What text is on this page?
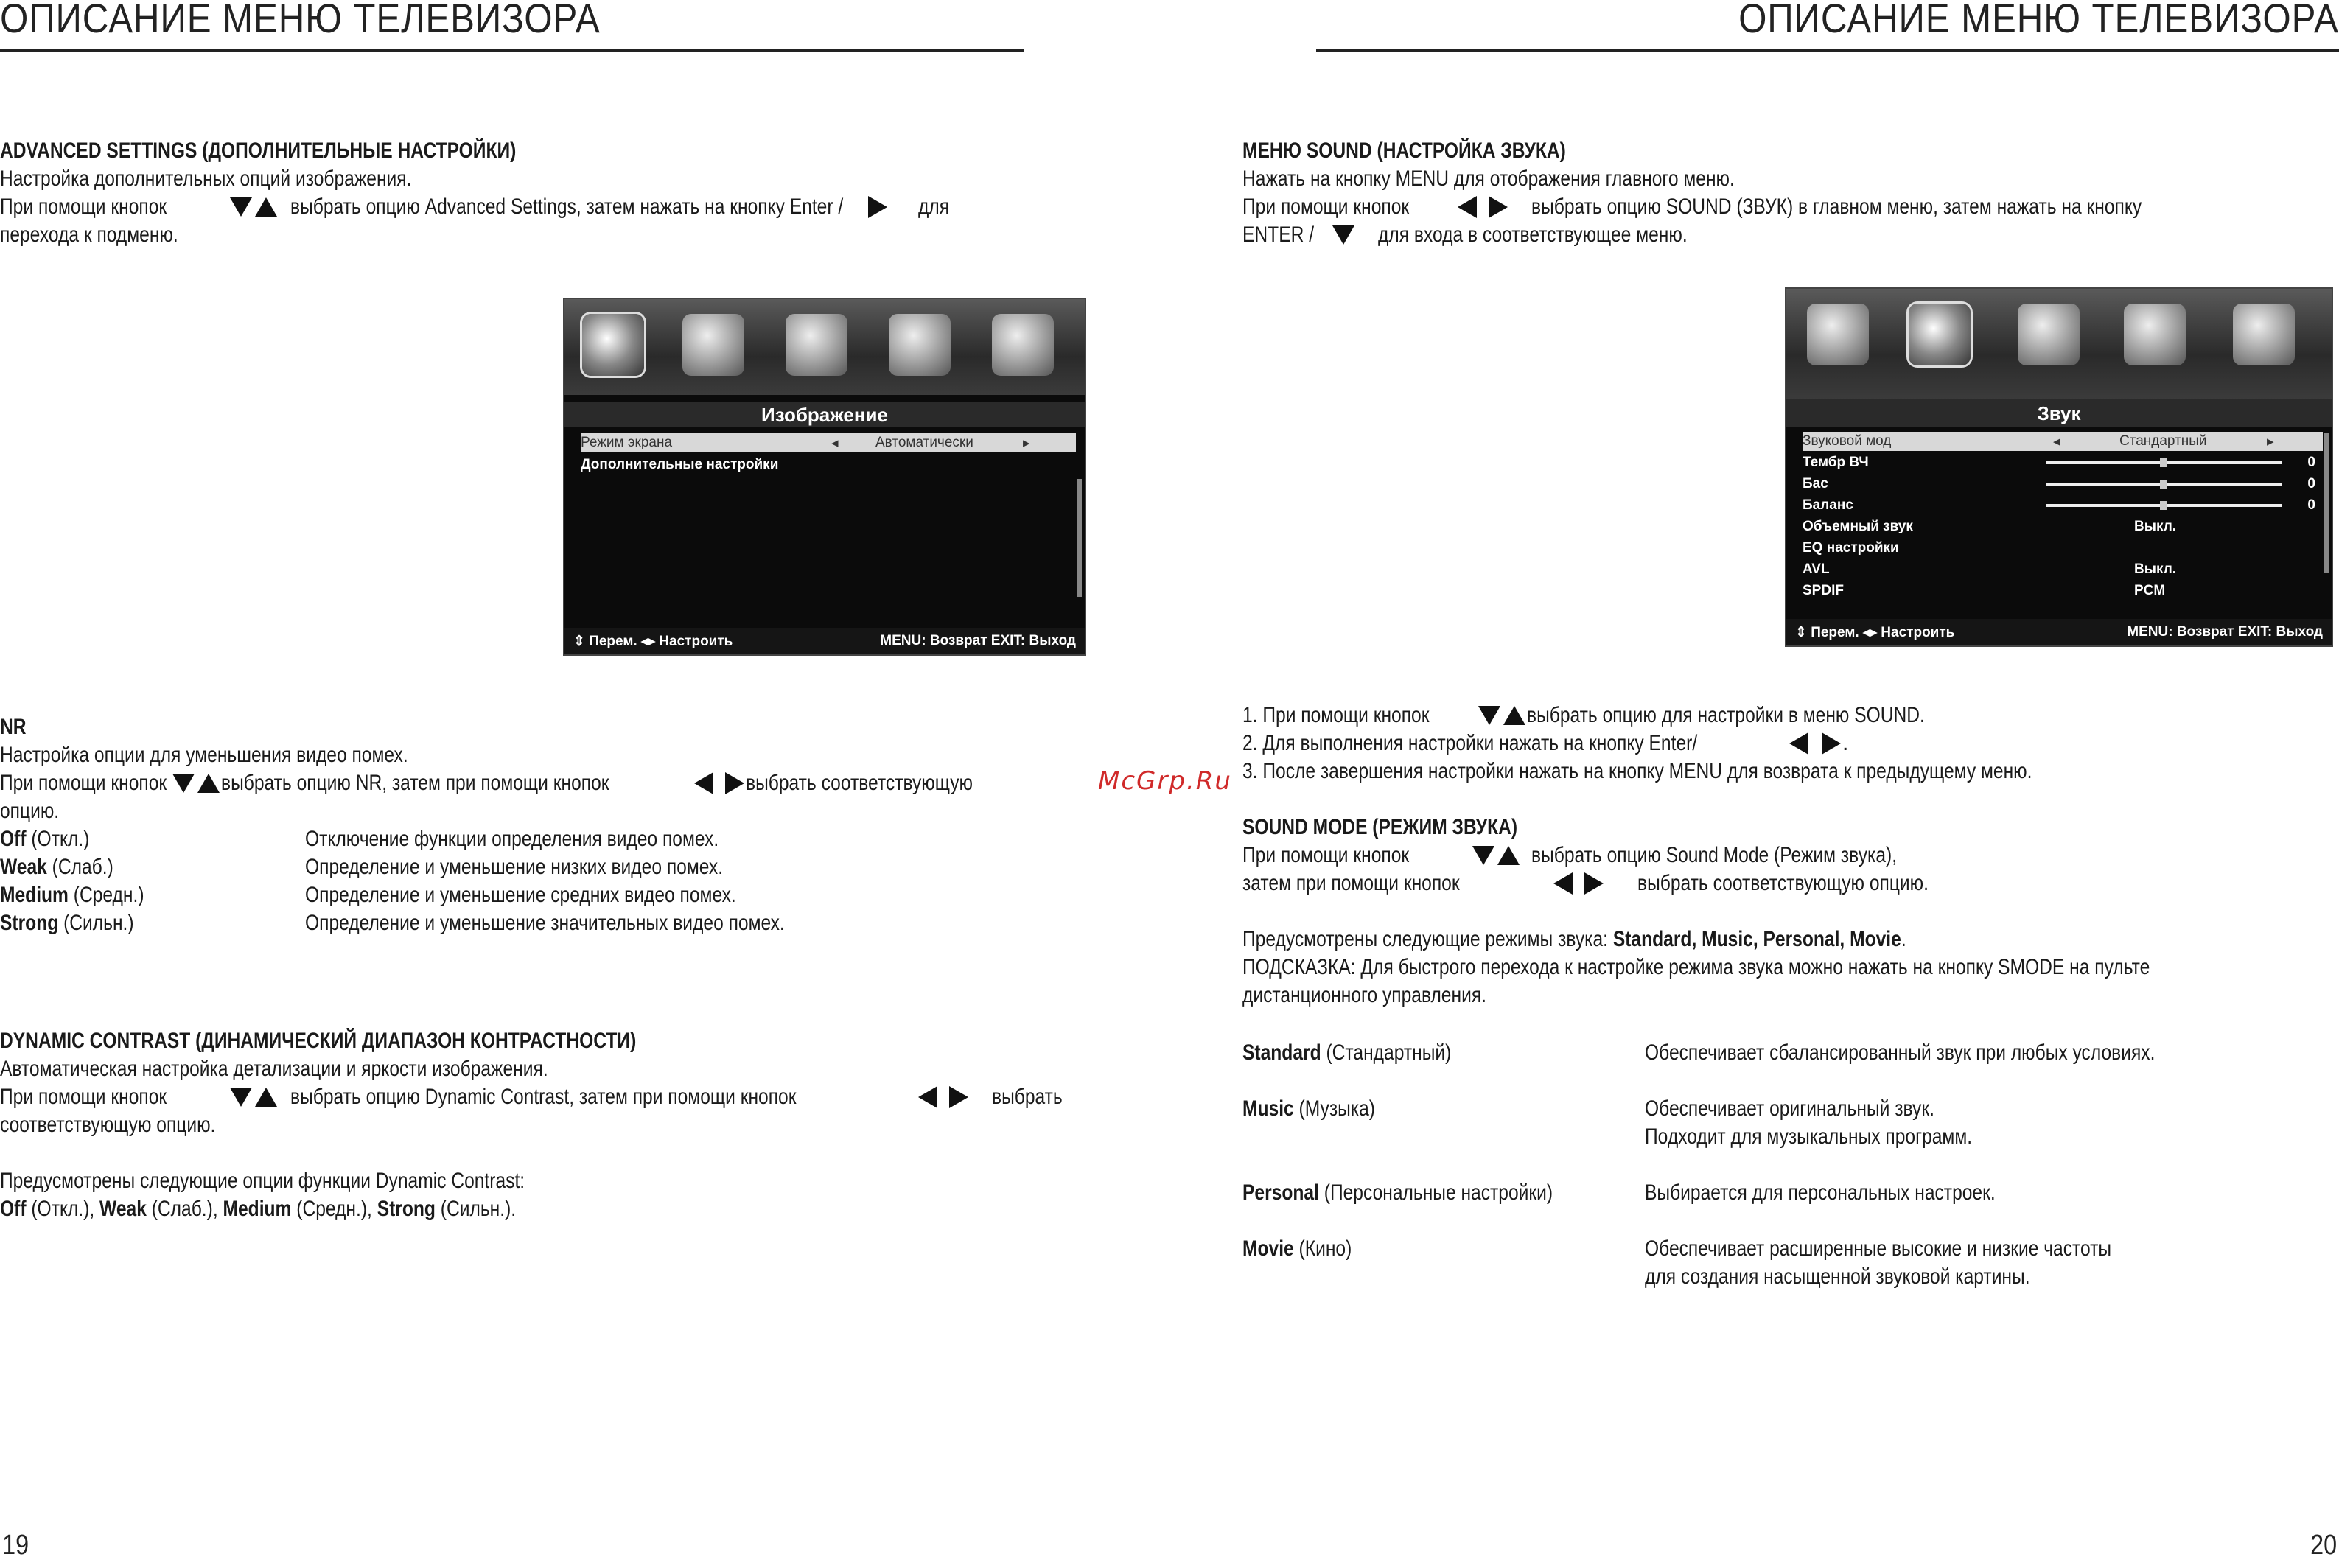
ОПИСАНИЕ МЕНЮ ТЕЛЕВИЗОРА
ADVANCED SETTINGS (ДОПОЛНИТЕЛЬНЫЕ НАСТРОЙКИ)
Настройка дополнительных опций изображения.
При помощи кнопок	выбрать опцию Advanced Settings, затем нажать на кнопку Enter /	для
перехода к подменю.
Изображение
Режим экрана	◂	Автоматически	▸
Дополнительные настройки
⇕ Перем. ◂▸ Настроить	MENU: Возврат EXIT: Выход
NR
Настройка опции для уменьшения видео помех.
При помощи кнопок выбрать опцию NR, затем при помощи кнопок	выбрать соответствующую
опцию.
Off (Откл.)	Отключение функции определения видео помех.
Weak (Слаб.)	Определение и уменьшение низких видео помех.
Medium (Средн.)	Определение и уменьшение средних видео помех.
Strong (Сильн.)	Определение и уменьшение значительных видео помех.
DYNAMIC CONTRAST (ДИНАМИЧЕСКИЙ ДИАПАЗОН КОНТРАСТНОСТИ)
Автоматическая настройка детализации и яркости изображения.
При помощи кнопок	выбрать опцию Dynamic Contrast, затем при помощи кнопок	выбрать
соответствующую опцию.
Предусмотрены следующие опции функции Dynamic Contrast:
Off (Откл.), Weak (Слаб.), Medium (Средн.), Strong (Сильн.).
19
McGrp.Ru
ОПИСАНИЕ МЕНЮ ТЕЛЕВИЗОРА
МЕНЮ SOUND (НАСТРОЙКА ЗВУКА)
Нажать на кнопку MENU для отображения главного меню.
При помощи кнопок	выбрать опцию SOUND (ЗВУК) в главном меню, затем нажать на кнопку
ENTER /	для входа в соответствующее меню.
Звук
Звуковой мод	◂	Стандартный	▸
Тембр ВЧ	0
Бас	0
Баланс	0
Объемный звук	Выкл.
EQ настройки
AVL	Выкл.
SPDIF	PCM
⇕ Перем. ◂▸ Настроить	MENU: Возврат EXIT: Выход
1. При помощи кнопок	выбрать опцию для настройки в меню SOUND.
2. Для выполнения настройки нажать на кнопку Enter/	.
3. После завершения настройки нажать на кнопку MENU для возврата к предыдущему меню.
SOUND MODE (РЕЖИМ ЗВУКА)
При помощи кнопок	выбрать опцию Sound Mode (Режим звука),
затем при помощи кнопок	выбрать соответствующую опцию.
Предусмотрены следующие режимы звука: Standard, Music, Personal, Movie.
ПОДСКАЗКА: Для быстрого перехода к настройке режима звука можно нажать на кнопку SMODE на пульте
дистанционного управления.
Standard (Стандартный)	Обеспечивает сбалансированный звук при любых условиях.
Music (Музыка)	Обеспечивает оригинальный звук.
Подходит для музыкальных программ.
Personal (Персональные настройки)	Выбирается для персональных настроек.
Movie (Кино)	Обеспечивает расширенные высокие и низкие частоты
для создания насыщенной звуковой картины.
20
